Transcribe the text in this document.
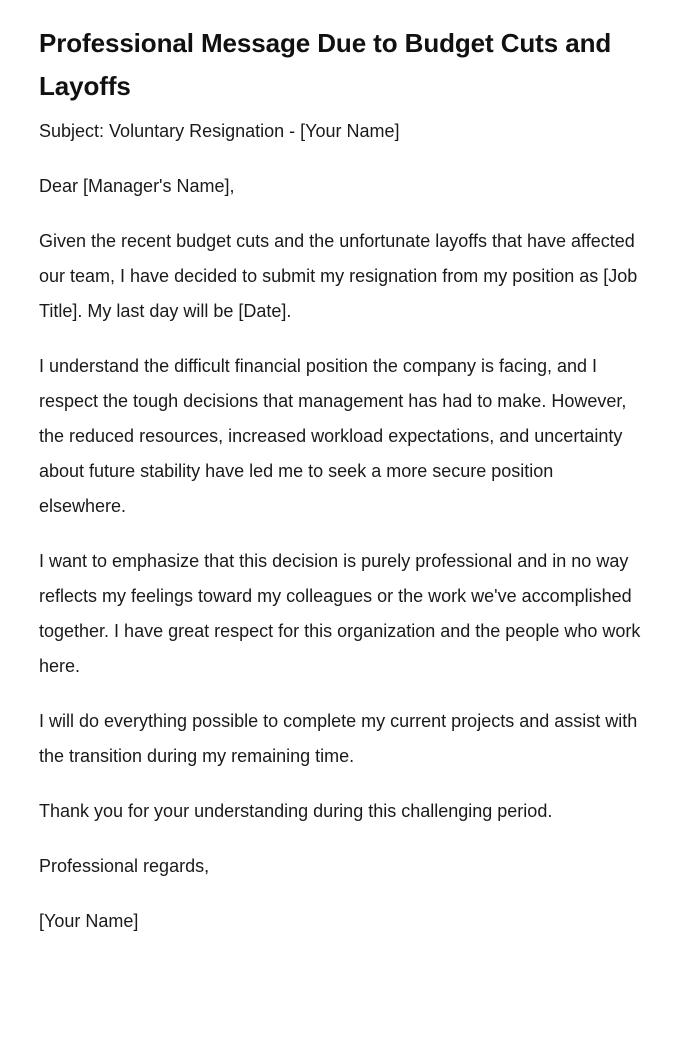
Professional Message Due to Budget Cuts and Layoffs

Subject: Voluntary Resignation - [Your Name]

Dear [Manager's Name],

Given the recent budget cuts and the unfortunate layoffs that have affected our team, I have decided to submit my resignation from my position as [Job Title]. My last day will be [Date].

I understand the difficult financial position the company is facing, and I respect the tough decisions that management has had to make. However, the reduced resources, increased workload expectations, and uncertainty about future stability have led me to seek a more secure position elsewhere.

I want to emphasize that this decision is purely professional and in no way reflects my feelings toward my colleagues or the work we've accomplished together. I have great respect for this organization and the people who work here.

I will do everything possible to complete my current projects and assist with the transition during my remaining time.

Thank you for your understanding during this challenging period.

Professional regards,

[Your Name]
